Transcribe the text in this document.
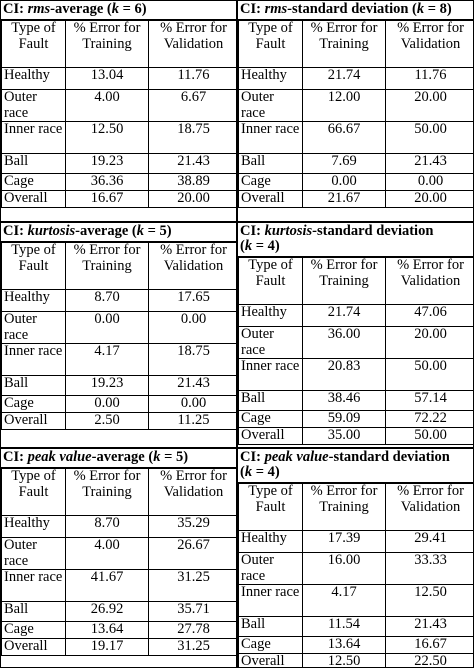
CI: rms-average (k = 6)
Type of Fault	% Error for Training	% Error for Validation
Healthy	13.04	11.76
Outer race	4.00	6.67
Inner race	12.50	18.75
Ball	19.23	21.43
Cage	36.36	38.89
Overall	16.67	20.00
CI: rms-standard deviation (k = 8)
Type of Fault	% Error for Training	% Error for Validation
Healthy	21.74	11.76
Outer race	12.00	20.00
Inner race	66.67	50.00
Ball	7.69	21.43
Cage	0.00	0.00
Overall	21.67	20.00
CI: kurtosis-average (k = 5)
Type of Fault	% Error for Training	% Error for Validation
Healthy	8.70	17.65
Outer race	0.00	0.00
Inner race	4.17	18.75
Ball	19.23	21.43
Cage	0.00	0.00
Overall	2.50	11.25
CI: kurtosis-standard deviation
(k = 4)
Type of Fault	% Error for Training	% Error for Validation
Healthy	21.74	47.06
Outer race	36.00	20.00
Inner race	20.83	50.00
Ball	38.46	57.14
Cage	59.09	72.22
Overall	35.00	50.00
CI: peak value-average (k = 5)
Type of Fault	% Error for Training	% Error for Validation
Healthy	8.70	35.29
Outer race	4.00	26.67
Inner race	41.67	31.25
Ball	26.92	35.71
Cage	13.64	27.78
Overall	19.17	31.25
CI: peak value-standard deviation
(k = 4)
Type of Fault	% Error for Training	% Error for Validation
Healthy	17.39	29.41
Outer race	16.00	33.33
Inner race	4.17	12.50
Ball	11.54	21.43
Cage	13.64	16.67
Overall	12.50	22.50
